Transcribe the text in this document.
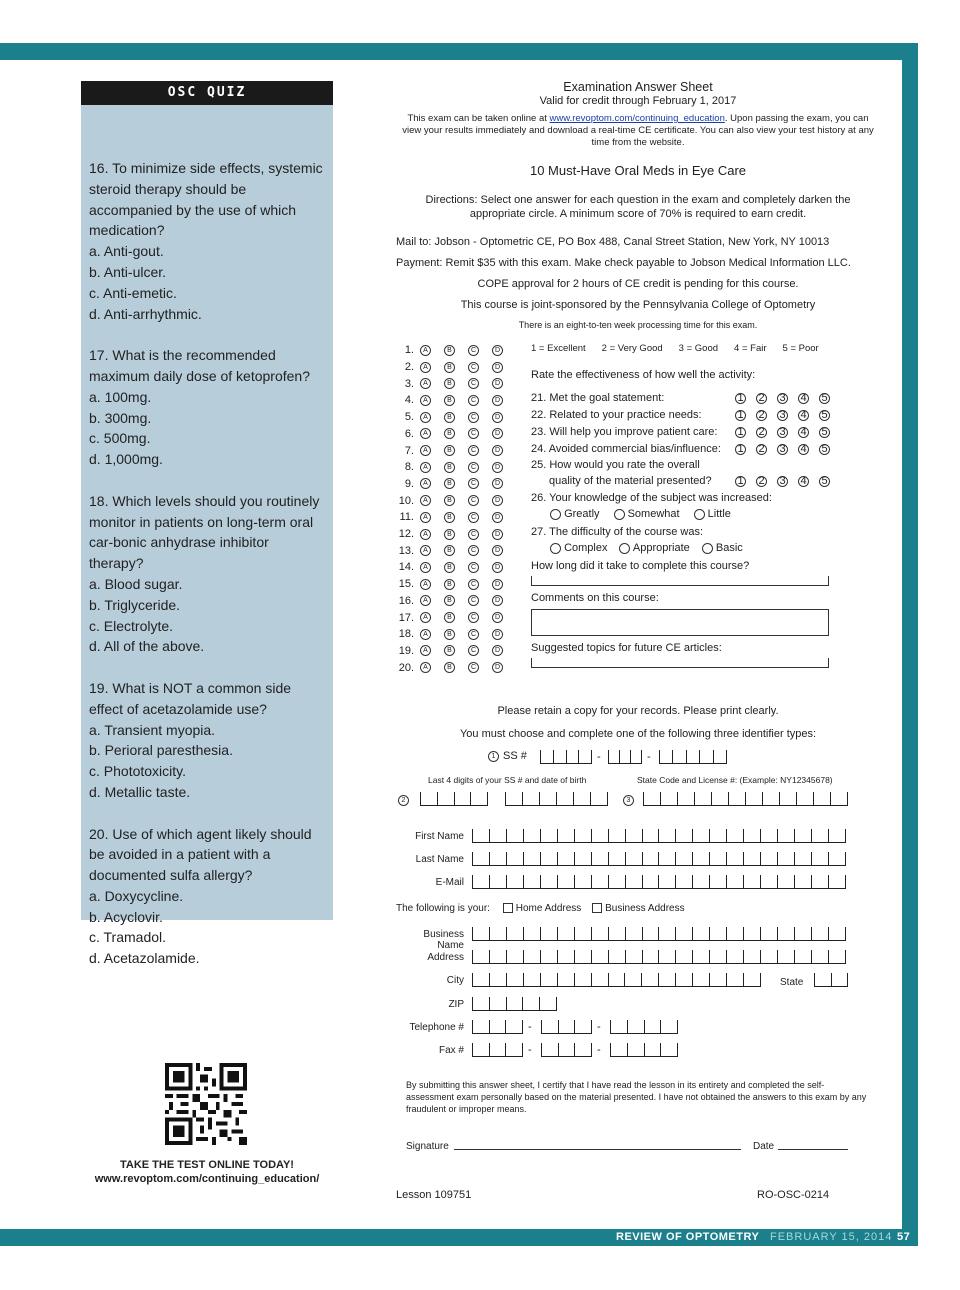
OSC QUIZ

16. To minimize side effects, systemic steroid therapy should be accompanied by the use of which medication?

a. Anti-gout.

b. Anti-ulcer.

c. Anti-emetic.

d. Anti-arrhythmic.

17. What is the recommended maximum daily dose of ketoprofen?

a. 100mg.

b. 300mg.

c. 500mg.

d. 1,000mg.

18. Which levels should you routinely monitor in patients on long-term oral car-bonic anhydrase inhibitor therapy?

a. Blood sugar.

b. Triglyceride.

c. Electrolyte.

d. All of the above.

19. What is NOT a common side effect of acetazolamide use?

a. Transient myopia.

b. Perioral paresthesia.

c. Phototoxicity.

d. Metallic taste.

20. Use of which agent likely should be avoided in a patient with a documented sulfa allergy?

a. Doxycycline.

b. Acyclovir.

c. Tramadol.

d. Acetazolamide.

TAKE THE TEST ONLINE TODAY!
www.revoptom.com/continuing_education/
Examination Answer Sheet
Valid for credit through February 1, 2017
This exam can be taken online at www.revoptom.com/continuing_education. Upon passing the exam, you can view your results immediately and download a real-time CE certificate. You can also view your test history at any time from the website.
10 Must-Have Oral Meds in Eye Care
Directions: Select one answer for each question in the exam and completely darken the appropriate circle. A minimum score of 70% is required to earn credit.
Mail to: Jobson - Optometric CE, PO Box 488, Canal Street Station, New York, NY 10013
Payment: Remit $35 with this exam. Make check payable to Jobson Medical Information LLC.
COPE approval for 2 hours of CE credit is pending for this course.
This course is joint-sponsored by the Pennsylvania College of Optometry
There is an eight-to-ten week processing time for this exam.
1.	A	B	C	D
2.	A	B	C	D
3.	A	B	C	D
4.	A	B	C	D
5.	A	B	C	D
6.	A	B	C	D
7.	A	B	C	D
8.	A	B	C	D
9.	A	B	C	D
10.	A	B	C	D
11.	A	B	C	D
12.	A	B	C	D
13.	A	B	C	D
14.	A	B	C	D
15.	A	B	C	D
16.	A	B	C	D
17.	A	B	C	D
18.	A	B	C	D
19.	A	B	C	D
20.	A	B	C	D
1 = Excellent 2 = Very Good 3 = Good 4 = Fair 5 = Poor
Rate the effectiveness of how well the activity:
21. Met the goal statement:	1 2 3 4 5
22. Related to your practice needs:	1 2 3 4 5
23. Will help you improve patient care: 1 2 3 4 5
24. Avoided commercial bias/influence: 1 2 3 4 5
25. How would you rate the overall
quality of the material presented? 1 2 3 4 5
26. Your knowledge of the subject was increased:
Greatly	Somewhat	Little
27. The difficulty of the course was:
Complex	Appropriate	Basic
How long did it take to complete this course?
Comments on this course:
Suggested topics for future CE articles:
Please retain a copy for your records. Please print clearly.
You must choose and complete one of the following three identifier types:
1 SS #	-	-
Last 4 digits of your SS # and date of birth	State Code and License #: (Example: NY12345678)
2	3
First Name
Last Name
E-Mail
Business Name
Address
City	State
ZIP
Telephone #	-	-
Fax #	-	-
The following is your:	Home Address Business Address
By submitting this answer sheet, I certify that I have read the lesson in its entirety and completed the self-assessment exam personally based on the material presented. I have not obtained the answers to this exam by any fraudulent or improper means.
Signature	Date
Lesson 109751	RO-OSC-0214
REVIEW OF OPTOMETRY FEBRUARY 15, 2014 57
